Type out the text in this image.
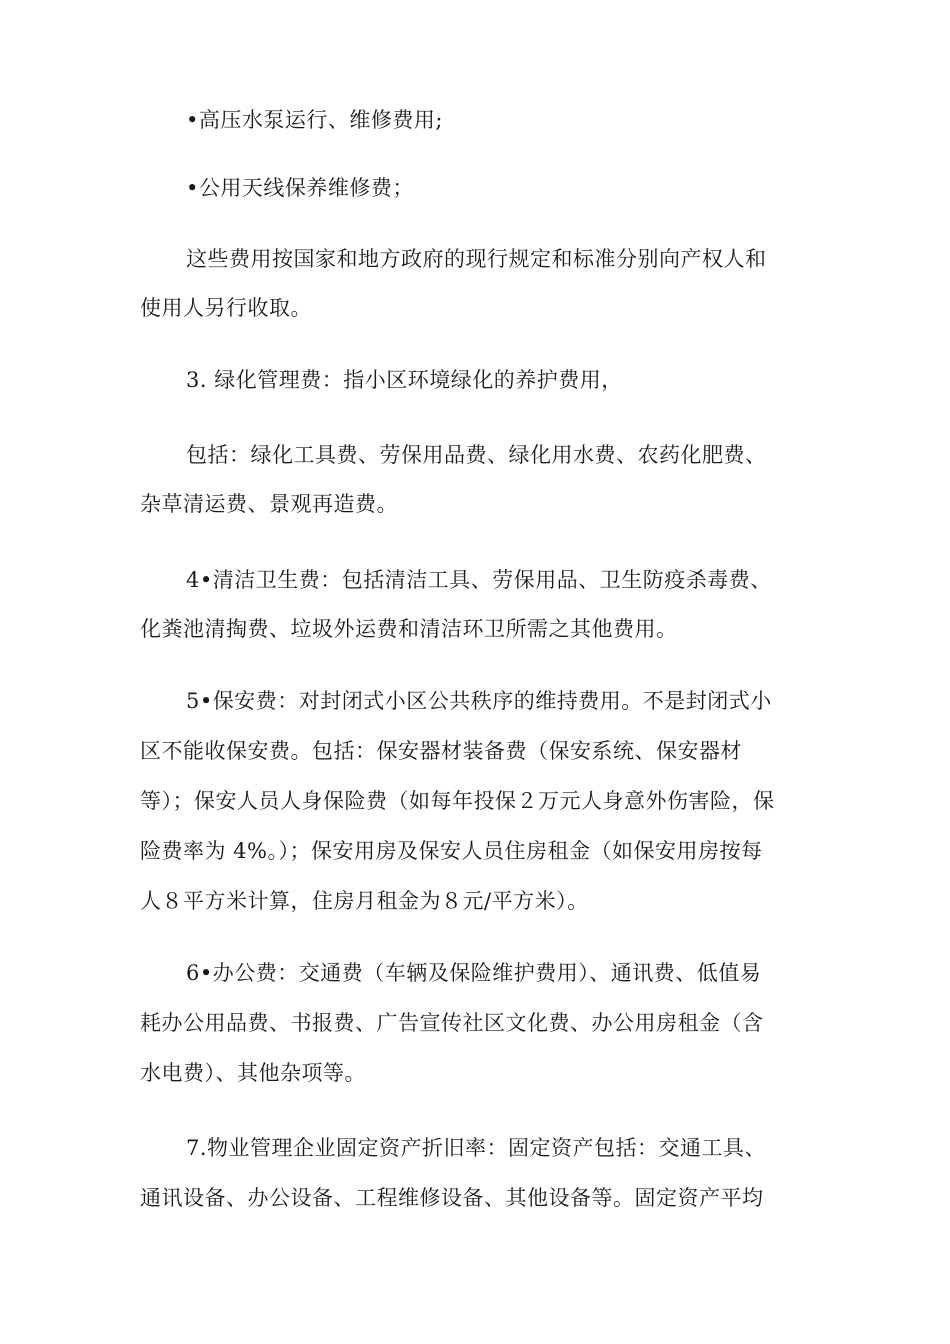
•高压水泵运行、维修费用;
•公用天线保养维修费；
这些费用按国家和地方政府的现行规定和标准分别向产权人和
使用人另行收取。
3. 绿化管理费：指小区环境绿化的养护费用，
包括：绿化工具费、劳保用品费、绿化用水费、农药化肥费、
杂草清运费、景观再造费。
4•清洁卫生费：包括清洁工具、劳保用品、卫生防疫杀毒费、
化粪池清掏费、垃圾外运费和清洁环卫所需之其他费用。
5•保安费：对封闭式小区公共秩序的维持费用。不是封闭式小
区不能收保安费。包括：保安器材装备费（保安系统、保安器材
等）；保安人员人身保险费（如每年投保２万元人身意外伤害险，保
险费率为 4%。）；保安用房及保安人员住房租金（如保安用房按每
人８平方米计算，住房月租金为８元/平方米）。
6•办公费：交通费（车辆及保险维护费用）、通讯费、低值易
耗办公用品费、书报费、广告宣传社区文化费、办公用房租金（含
水电费）、其他杂项等。
7.物业管理企业固定资产折旧率：固定资产包括：交通工具、
通讯设备、办公设备、工程维修设备、其他设备等。固定资产平均
